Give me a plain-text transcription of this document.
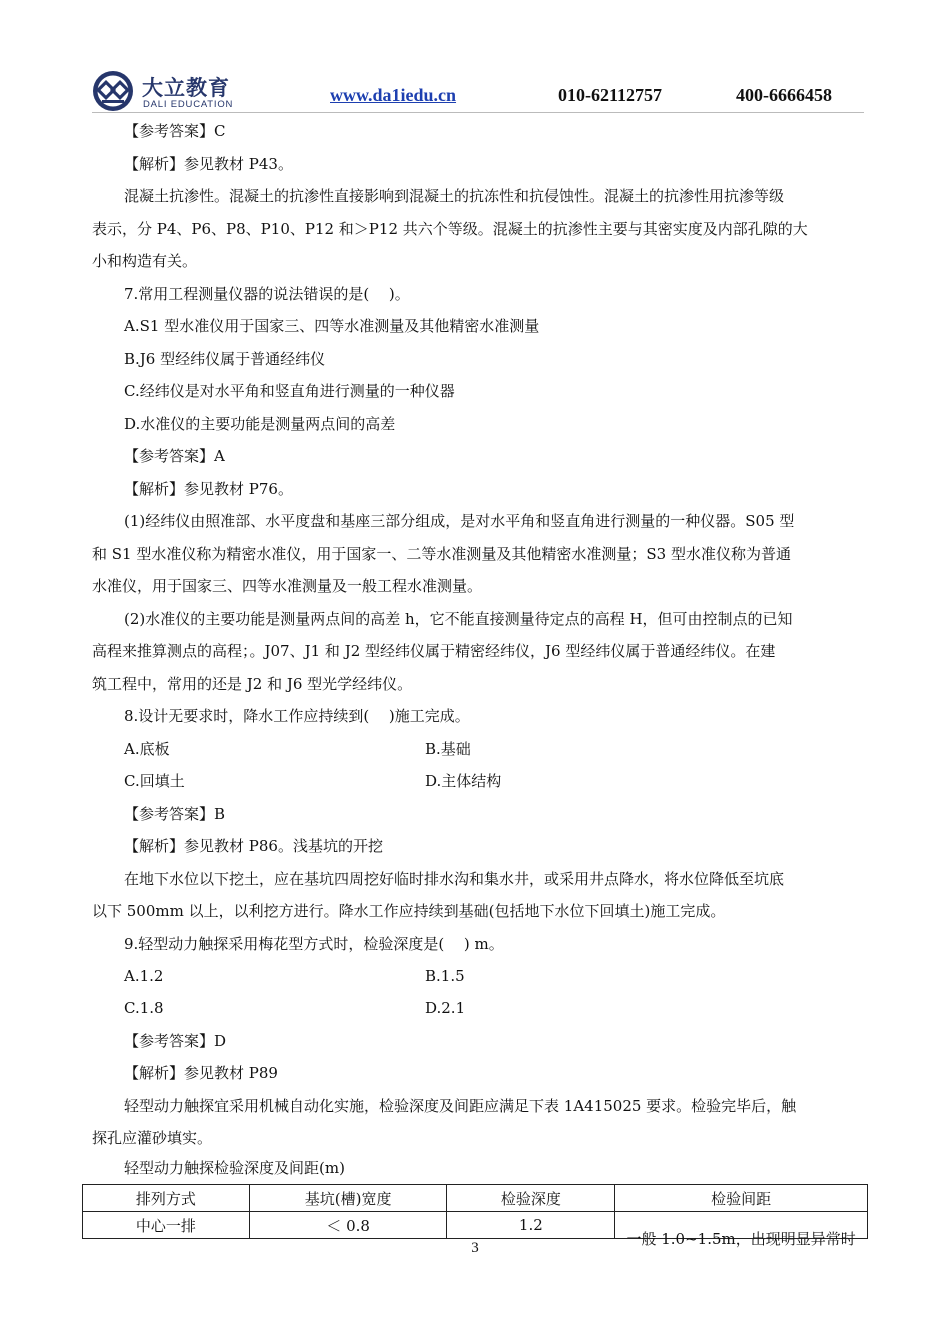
大立教育
DALI EDUCATION	www.da1iedu.cn	010-62112757	400-6666458
【参考答案】C
【解析】参见教材 P43。
混凝土抗渗性。混凝土的抗渗性直接影响到混凝土的抗冻性和抗侵蚀性。混凝土的抗渗性用抗渗等级
表示，分 P4、P6、P8、P10、P12 和＞P12 共六个等级。混凝土的抗渗性主要与其密实度及内部孔隙的大
小和构造有关。
7.常用工程测量仪器的说法错误的是(　 )。
A.S1 型水准仪用于国家三、四等水准测量及其他精密水准测量
B.J6 型经纬仪属于普通经纬仪
C.经纬仪是对水平角和竖直角进行测量的一种仪器
D.水准仪的主要功能是测量两点间的高差
【参考答案】A
【解析】参见教材 P76。
(1)经纬仪由照准部、水平度盘和基座三部分组成，是对水平角和竖直角进行测量的一种仪器。S05 型
和 S1 型水准仪称为精密水准仪，用于国家一、二等水准测量及其他精密水准测量；S3 型水准仪称为普通
水准仪，用于国家三、四等水准测量及一般工程水准测量。
(2)水准仪的主要功能是测量两点间的高差 h，它不能直接测量待定点的高程 H，但可由控制点的已知
高程来推算测点的高程；。J07、J1 和 J2 型经纬仪属于精密经纬仪，J6 型经纬仪属于普通经纬仪。在建
筑工程中，常用的还是 J2 和 J6 型光学经纬仪。
8.设计无要求时，降水工作应持续到(　 )施工完成。
A.底板	B.基础
C.回填土	D.主体结构
【参考答案】B
【解析】参见教材 P86。浅基坑的开挖
在地下水位以下挖土，应在基坑四周挖好临时排水沟和集水井，或采用井点降水，将水位降低至坑底
以下 500mm 以上，以利挖方进行。降水工作应持续到基础(包括地下水位下回填土)施工完成。
9.轻型动力触探采用梅花型方式时，检验深度是(　 ) m。
A.1.2	B.1.5
C.1.8	D.2.1
【参考答案】D
【解析】参见教材 P89
轻型动力触探宜采用机械自动化实施，检验深度及间距应满足下表 1A415025 要求。检验完毕后，触
探孔应灌砂填实。
轻型动力触探检验深度及间距(m)
排列方式	基坑(槽)宽度	检验深度	检验间距
中心一排	＜ 0.8	1.2	一般 1.0~1.5m，出现明显异常时
3
